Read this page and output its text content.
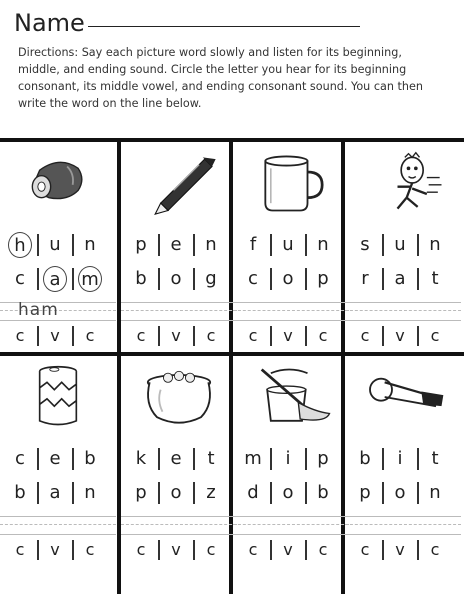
Name
Directions: Say each picture word slowly and listen for its beginning, middle, and ending sound. Circle the letter you hear for its beginning consonant, its middle vowel, and ending consonant sound. You can then write the word on the line below.
h	u	n
c	a	m
ham
c	v	c
p	e	n
b	o	g
c	v	c
f	u	n
c	o	p
c	v	c
s	u	n
r	a	t
c	v	c
c	e	b
b	a	n
c	v	c
k	e	t
p	o	z
c	v	c
m	i	p
d	o	b
c	v	c
b	i	t
p	o	n
c	v	c
